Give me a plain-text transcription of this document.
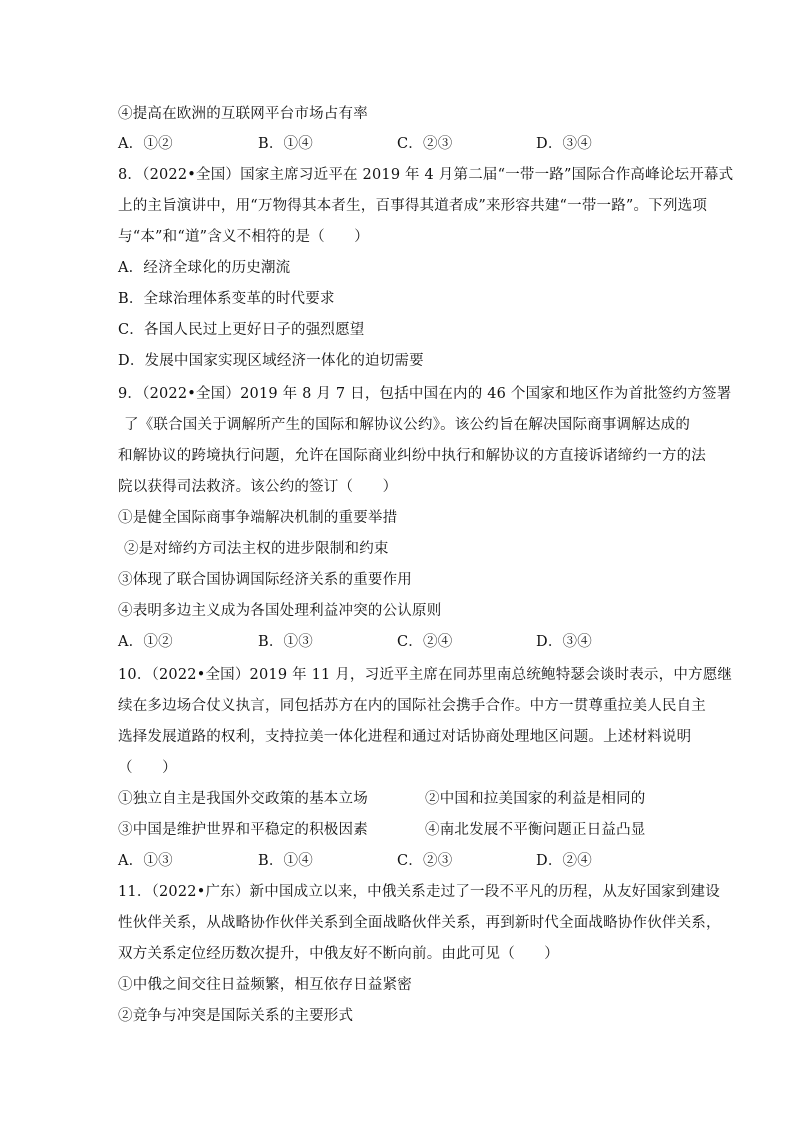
④提高在欧洲的互联网平台市场占有率
A．①②	B．①④	C．②③	D．③④
8．（2022•全国）国家主席习近平在 2019 年 4 月第二届“一带一路”国际合作高峰论坛开幕式
上的主旨演讲中，用“万物得其本者生，百事得其道者成”来形容共建“一带一路”。下列选项
与“本”和“道”含义不相符的是（　　）
A．经济全球化的历史潮流
B．全球治理体系变革的时代要求
C．各国人民过上更好日子的强烈愿望
D．发展中国家实现区域经济一体化的迫切需要
9．（2022•全国）2019 年 8 月 7 日，包括中国在内的 46 个国家和地区作为首批签约方签署
了《联合国关于调解所产生的国际和解协议公约》。该公约旨在解决国际商事调解达成的
和解协议的跨境执行问题，允许在国际商业纠纷中执行和解协议的方直接诉诸缔约一方的法
院以获得司法救济。该公约的签订（　　）
①是健全国际商事争端解决机制的重要举措
②是对缔约方司法主权的进步限制和约束
③体现了联合国协调国际经济关系的重要作用
④表明多边主义成为各国处理利益冲突的公认原则
A．①②	B．①③	C．②④	D．③④
10．（2022•全国）2019 年 11 月，习近平主席在同苏里南总统鲍特瑟会谈时表示，中方愿继
续在多边场合仗义执言，同包括苏方在内的国际社会携手合作。中方一贯尊重拉美人民自主
选择发展道路的权利，支持拉美一体化进程和通过对话协商处理地区问题。上述材料说明
（　　）
①独立自主是我国外交政策的基本立场	②中国和拉美国家的利益是相同的
③中国是维护世界和平稳定的积极因素	④南北发展不平衡问题正日益凸显
A．①③	B．①④	C．②③	D．②④
11．（2022•广东）新中国成立以来，中俄关系走过了一段不平凡的历程，从友好国家到建设
性伙伴关系，从战略协作伙伴关系到全面战略伙伴关系，再到新时代全面战略协作伙伴关系，
双方关系定位经历数次提升，中俄友好不断向前。由此可见（　　）
①中俄之间交往日益频繁，相互依存日益紧密
②竞争与冲突是国际关系的主要形式
